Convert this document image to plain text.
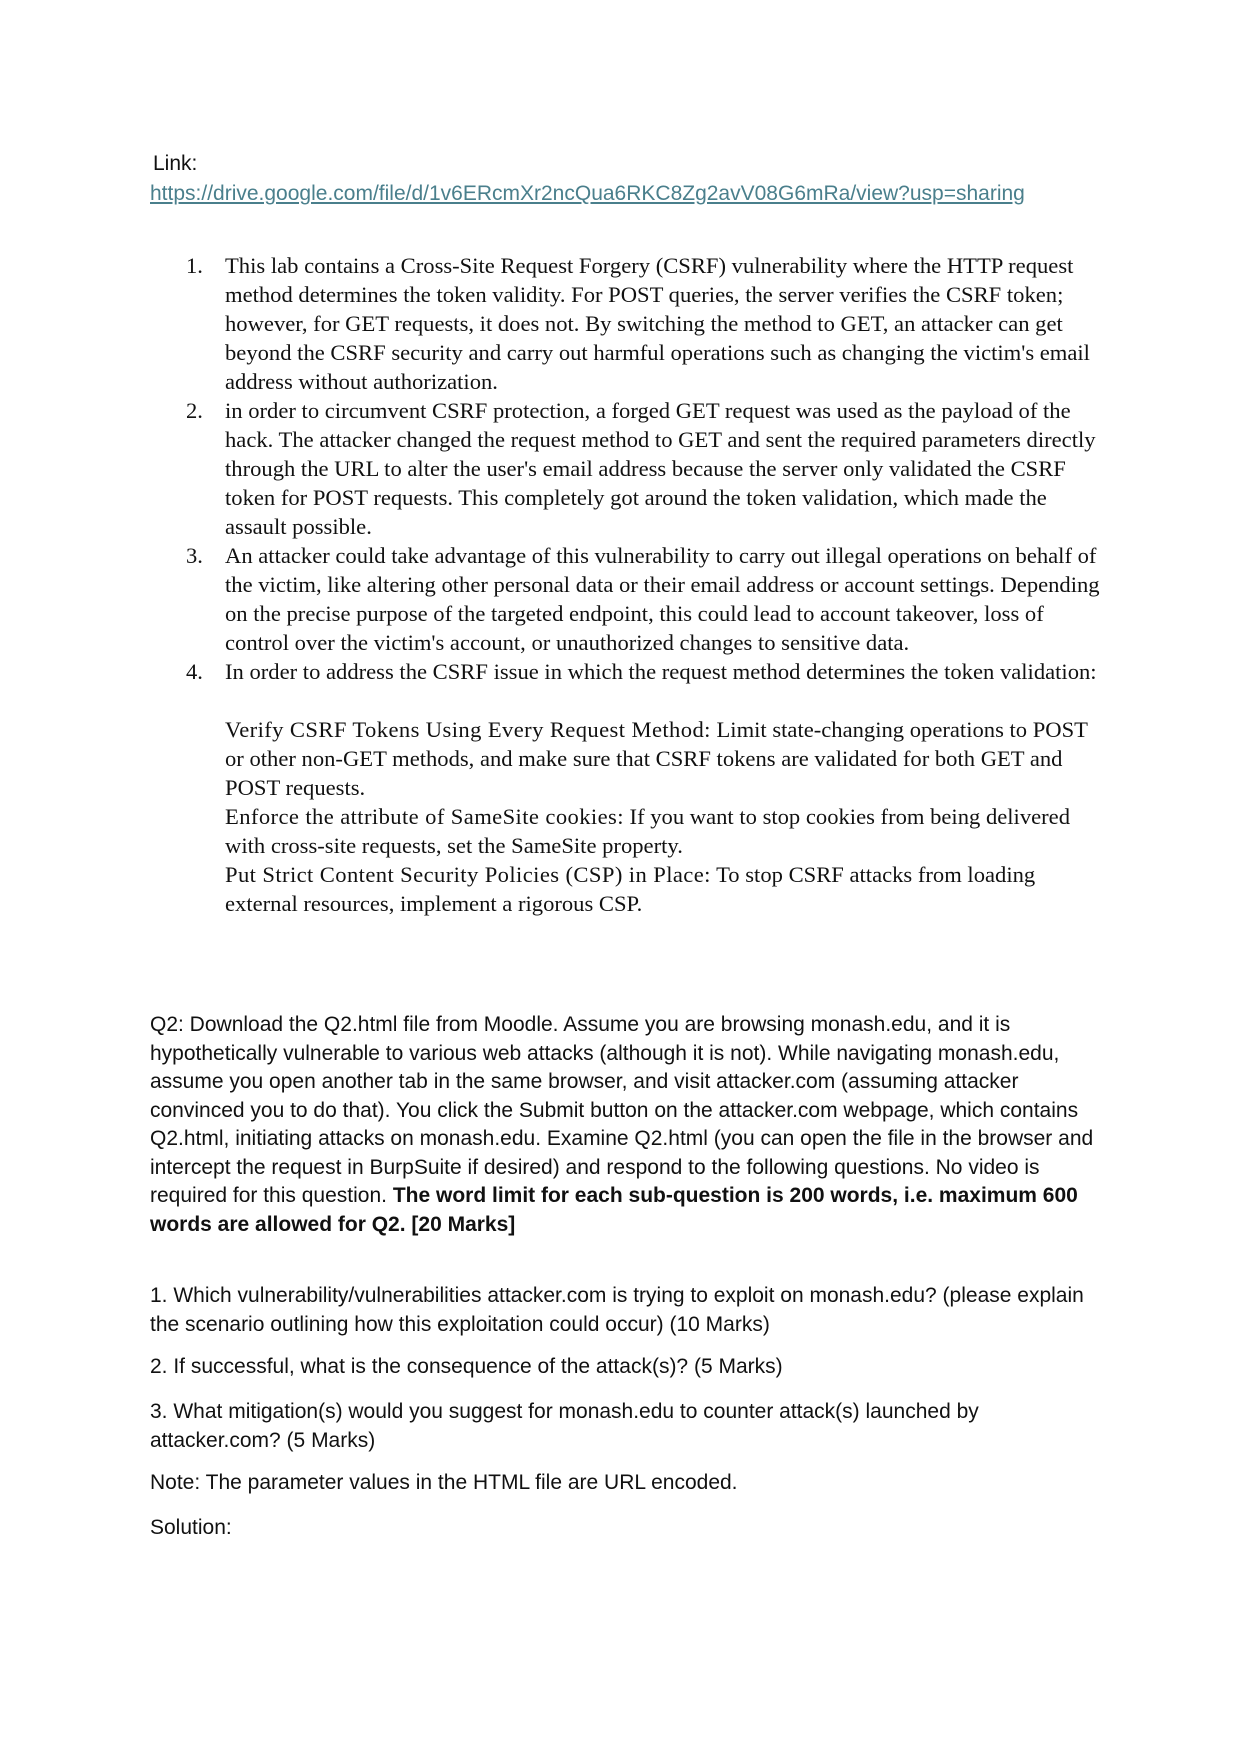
Link:
https://drive.google.com/file/d/1v6ERcmXr2ncQua6RKC8Zg2avV08G6mRa/view?usp=sharing
1. This lab contains a Cross-Site Request Forgery (CSRF) vulnerability where the HTTP request method determines the token validity. For POST queries, the server verifies the CSRF token; however, for GET requests, it does not. By switching the method to GET, an attacker can get beyond the CSRF security and carry out harmful operations such as changing the victim's email address without authorization.
2. in order to circumvent CSRF protection, a forged GET request was used as the payload of the hack. The attacker changed the request method to GET and sent the required parameters directly through the URL to alter the user's email address because the server only validated the CSRF token for POST requests. This completely got around the token validation, which made the assault possible.
3. An attacker could take advantage of this vulnerability to carry out illegal operations on behalf of the victim, like altering other personal data or their email address or account settings. Depending on the precise purpose of the targeted endpoint, this could lead to account takeover, loss of control over the victim's account, or unauthorized changes to sensitive data.
4. In order to address the CSRF issue in which the request method determines the token validation:

Verify CSRF Tokens Using Every Request Method: Limit state-changing operations to POST or other non-GET methods, and make sure that CSRF tokens are validated for both GET and POST requests.

Enforce the attribute of SameSite cookies: If you want to stop cookies from being delivered with cross-site requests, set the SameSite property.

Put Strict Content Security Policies (CSP) in Place: To stop CSRF attacks from loading external resources, implement a rigorous CSP.

Q2: Download the Q2.html file from Moodle. Assume you are browsing monash.edu, and it is hypothetically vulnerable to various web attacks (although it is not). While navigating monash.edu, assume you open another tab in the same browser, and visit attacker.com (assuming attacker convinced you to do that). You click the Submit button on the attacker.com webpage, which contains Q2.html, initiating attacks on monash.edu. Examine Q2.html (you can open the file in the browser and intercept the request in BurpSuite if desired) and respond to the following questions. No video is required for this question. The word limit for each sub-question is 200 words, i.e. maximum 600 words are allowed for Q2. [20 Marks]

1. Which vulnerability/vulnerabilities attacker.com is trying to exploit on monash.edu? (please explain the scenario outlining how this exploitation could occur) (10 Marks)

2. If successful, what is the consequence of the attack(s)? (5 Marks)

3. What mitigation(s) would you suggest for monash.edu to counter attack(s) launched by attacker.com? (5 Marks)

Note: The parameter values in the HTML file are URL encoded.

Solution:
